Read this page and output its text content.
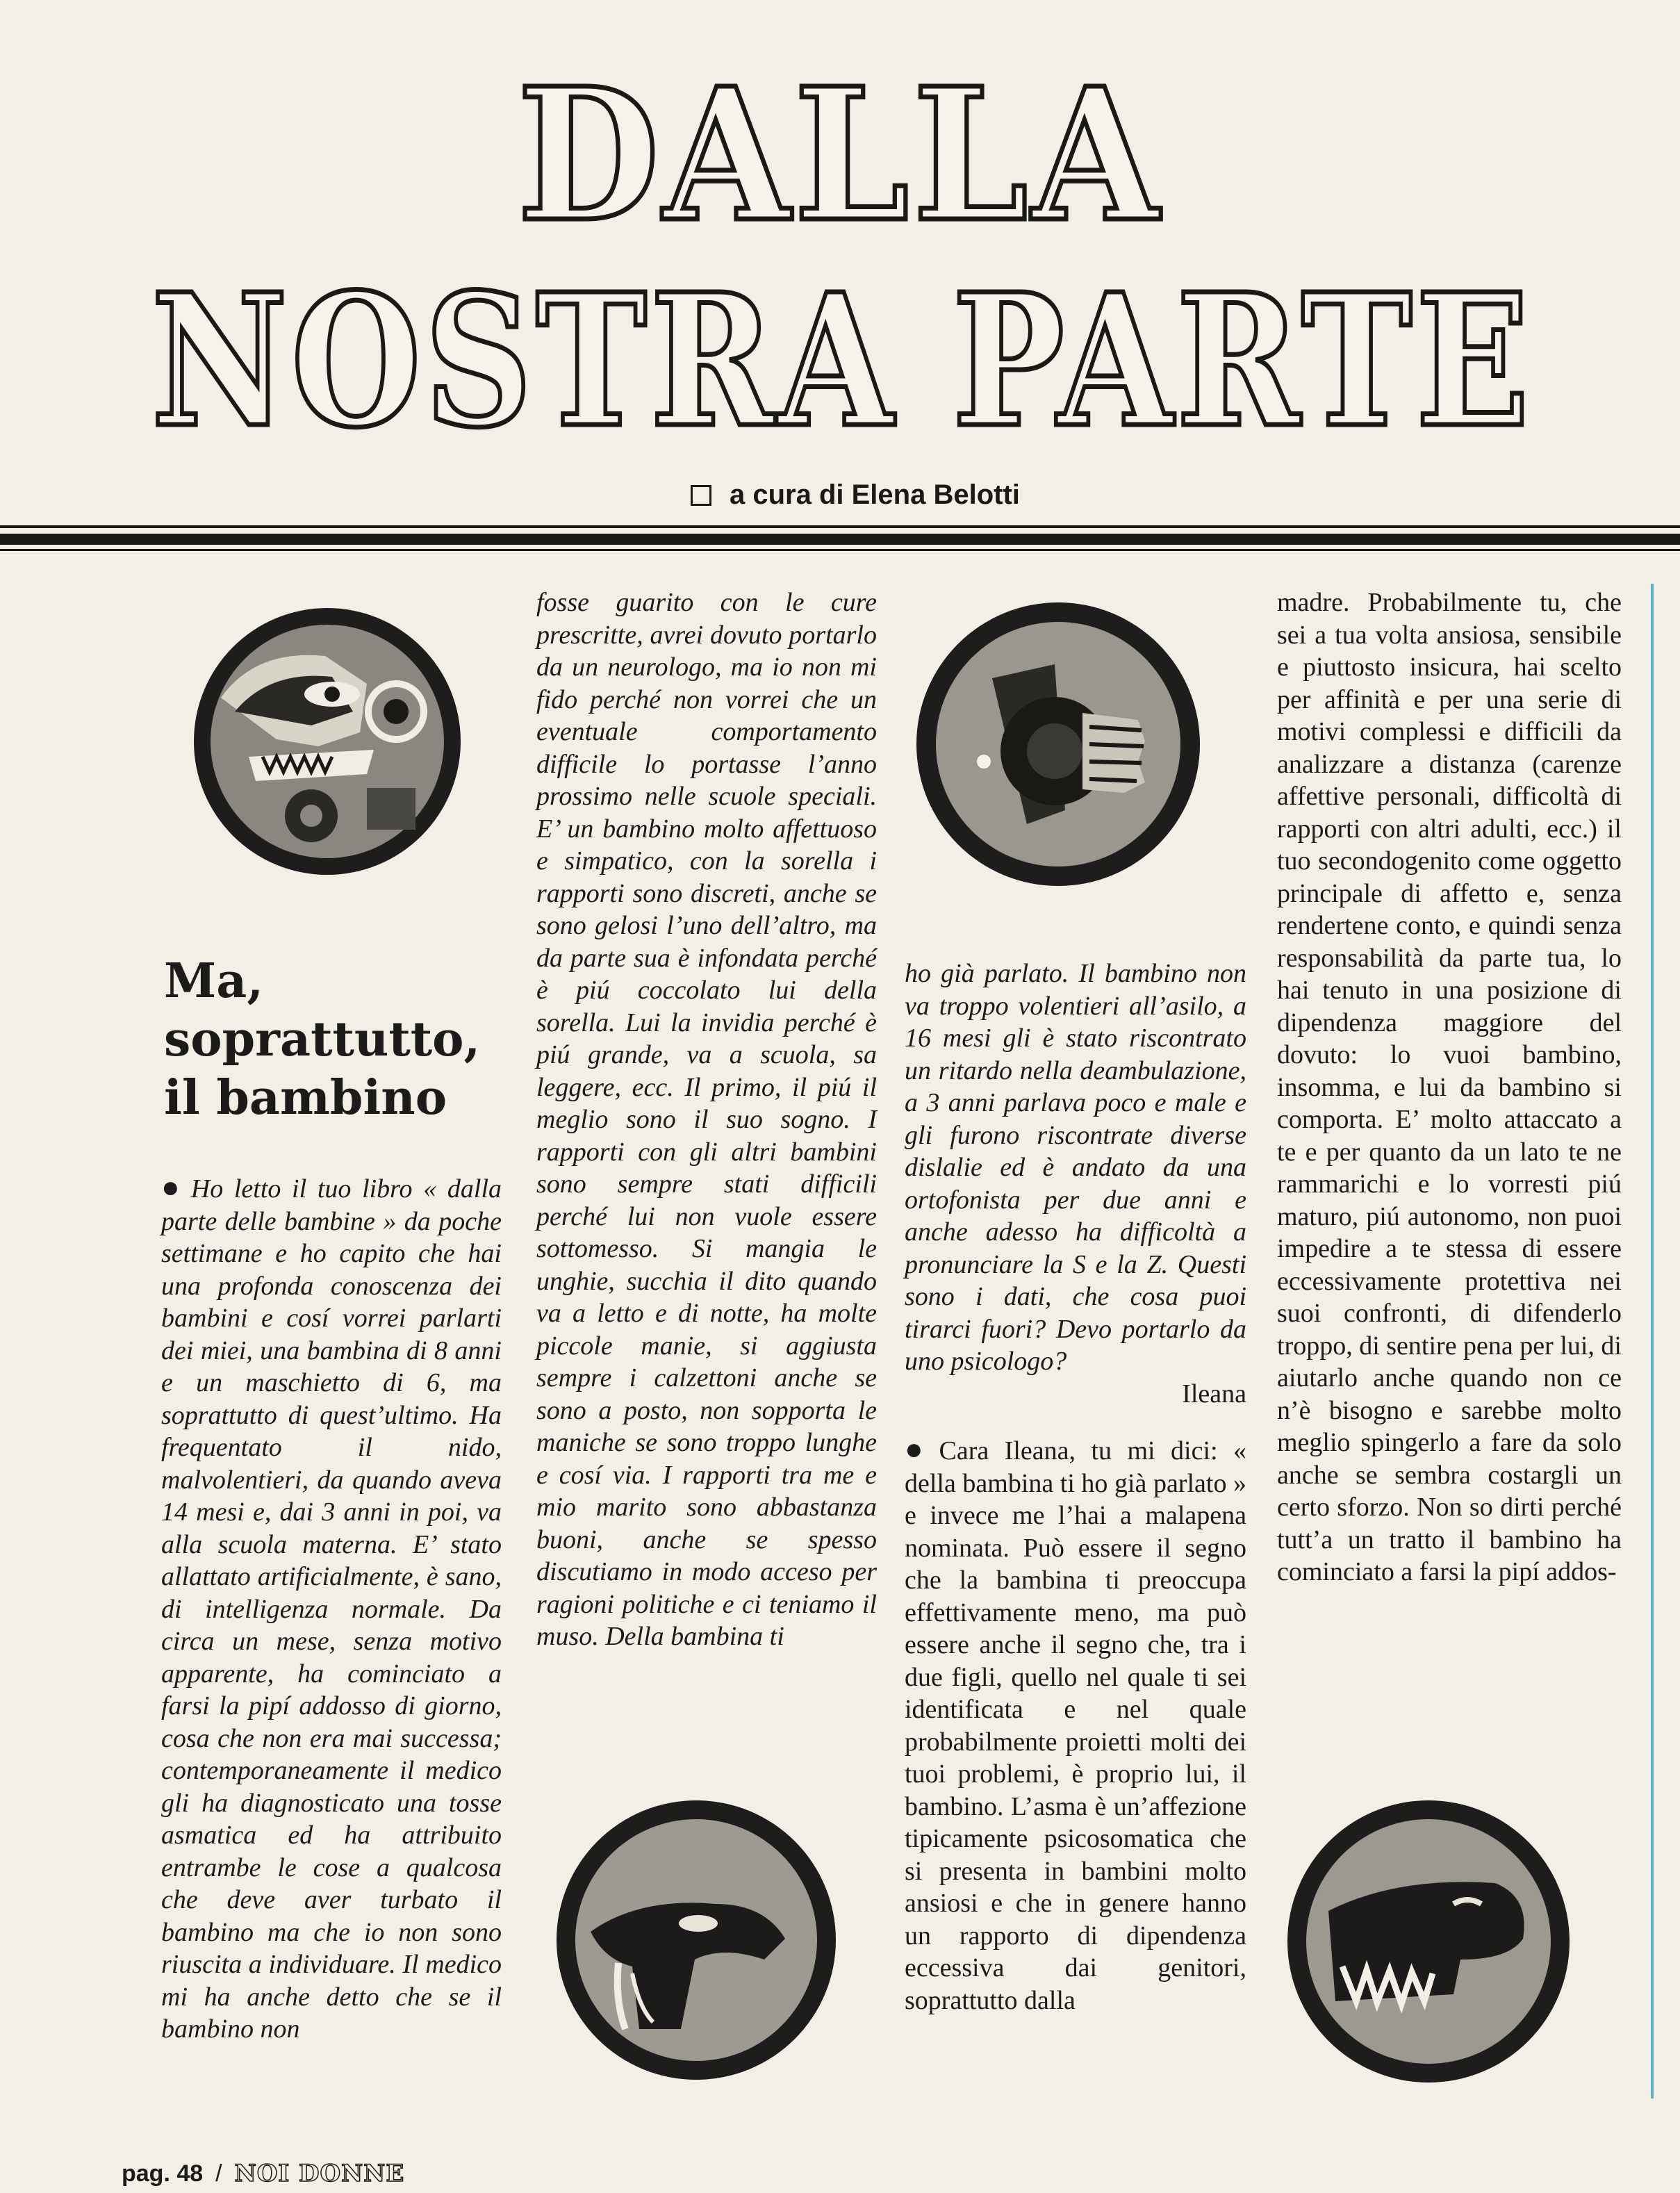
DALLA
NOSTRA PARTE
a cura di Elena Belotti
Ma, soprattutto, il bambino

● Ho letto il tuo libro « dalla parte delle bambine » da poche settimane e ho capito che hai una profonda conoscenza dei bambini e cosí vorrei parlarti dei miei, una bambina di 8 anni e un maschietto di 6, ma soprattutto di quest’ultimo. Ha frequentato il nido, malvolentieri, da quando aveva 14 mesi e, dai 3 anni in poi, va alla scuola materna. E’ stato allattato artificialmente, è sano, di intelligenza normale. Da circa un mese, senza motivo apparente, ha cominciato a farsi la pipí addosso di giorno, cosa che non era mai successa; contemporaneamente il medico gli ha diagnosticato una tosse asmatica ed ha attribuito entrambe le cose a qualcosa che deve aver turbato il bambino ma che io non sono riuscita a individuare. Il medico mi ha anche detto che se il bambino non

fosse guarito con le cure prescritte, avrei dovuto portarlo da un neurologo, ma io non mi fido perché non vorrei che un eventuale comportamento difficile lo portasse l’anno prossimo nelle scuole speciali. E’ un bambino molto affettuoso e simpatico, con la sorella i rapporti sono discreti, anche se sono gelosi l’uno dell’altro, ma da parte sua è infondata perché è piú coccolato lui della sorella. Lui la invidia perché è piú grande, va a scuola, sa leggere, ecc. Il primo, il piú il meglio sono il suo sogno. I rapporti con gli altri bambini sono sempre stati difficili perché lui non vuole essere sottomesso. Si mangia le unghie, succhia il dito quando va a letto e di notte, ha molte piccole manie, si aggiusta sempre i calzettoni anche se sono a posto, non sopporta le maniche se sono troppo lunghe e cosí via. I rapporti tra me e mio marito sono abbastanza buoni, anche se spesso discutiamo in modo acceso per ragioni politiche e ci teniamo il muso. Della bambina ti

ho già parlato. Il bambino non va troppo volentieri all’asilo, a 16 mesi gli è stato riscontrato un ritardo nella deambulazione, a 3 anni parlava poco e male e gli furono riscontrate diverse dislalie ed è andato da una ortofonista per due anni e anche adesso ha difficoltà a pronunciare la S e la Z. Questi sono i dati, che cosa puoi tirarci fuori? Devo portarlo da uno psicologo?

Ileana

● Cara Ileana, tu mi dici: « della bambina ti ho già parlato » e invece me l’hai a malapena nominata. Può essere il segno che la bambina ti preoccupa effettivamente meno, ma può essere anche il segno che, tra i due figli, quello nel quale ti sei identificata e nel quale probabilmente proietti molti dei tuoi problemi, è proprio lui, il bambino. L’asma è un’affezione tipicamente psicosomatica che si presenta in bambini molto ansiosi e che in genere hanno un rapporto di dipendenza eccessiva dai genitori, soprattutto dalla

madre. Probabilmente tu, che sei a tua volta ansiosa, sensibile e piuttosto insicura, hai scelto per affinità e per una serie di motivi complessi e difficili da analizzare a distanza (carenze affettive personali, difficoltà di rapporti con altri adulti, ecc.) il tuo secondogenito come oggetto principale di affetto e, senza rendertene conto, e quindi senza responsabilità da parte tua, lo hai tenuto in una posizione di dipendenza maggiore del dovuto: lo vuoi bambino, insomma, e lui da bambino si comporta. E’ molto attaccato a te e per quanto da un lato te ne rammarichi e lo vorresti piú maturo, piú autonomo, non puoi impedire a te stessa di essere eccessivamente protettiva nei suoi confronti, di difenderlo troppo, di sentire pena per lui, di aiutarlo anche quando non ce n’è bisogno e sarebbe molto meglio spingerlo a fare da solo anche se sembra costargli un certo sforzo. Non so dirti perché tutt’a un tratto il bambino ha cominciato a farsi la pipí addos-

pag. 48 / NOI DONNE
